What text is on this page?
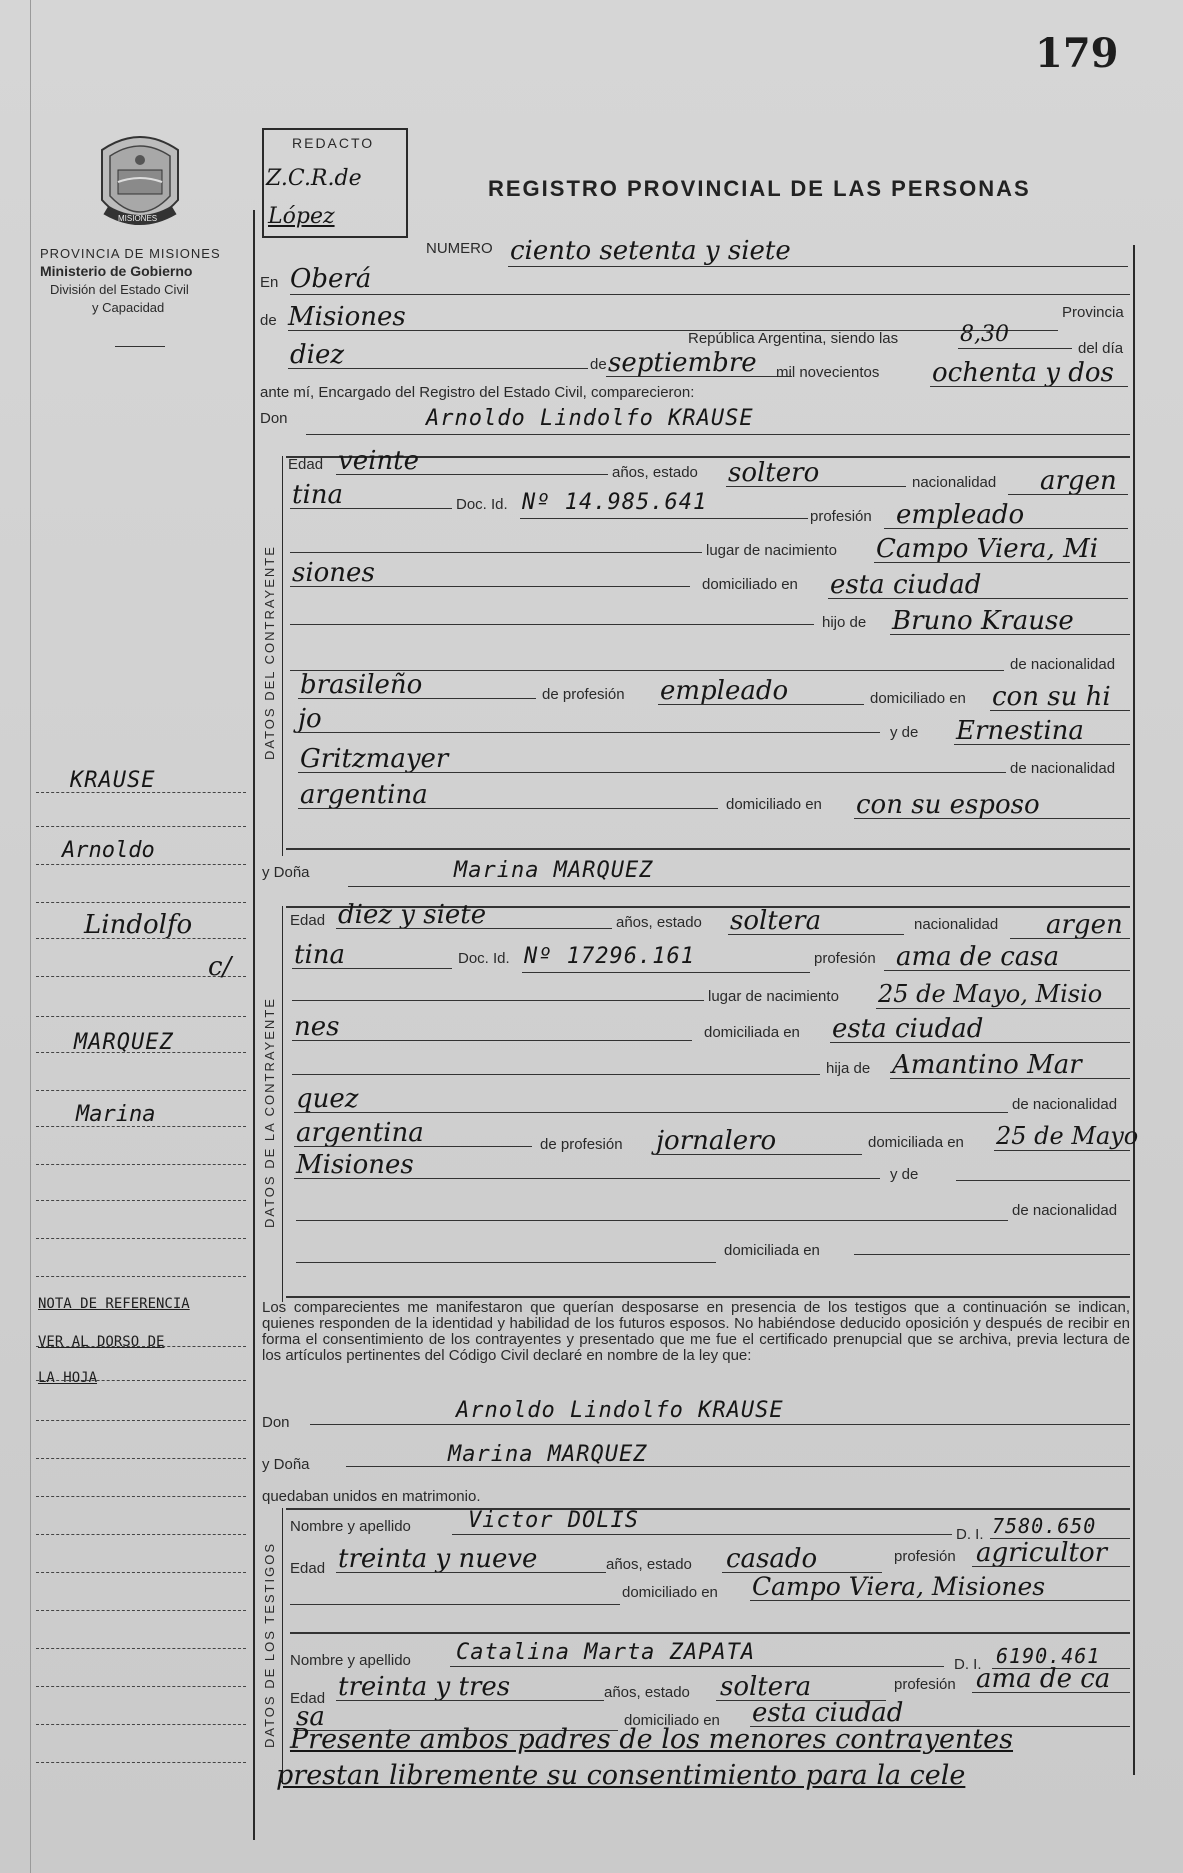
179
MISIONES
PROVINCIA DE MISIONES
Ministerio de Gobierno
División del Estado Civil
y Capacidad
REDACTO
Z.C.R.de
López
REGISTRO PROVINCIAL DE LAS PERSONAS
NUMERO ciento setenta y siete
En Oberá
de Misiones	Provincia
República Argentina, siendo las	8,30
del día
diez	de septiembre mil novecientos ochenta y dos
ante mí, Encargado del Registro del Estado Civil, comparecieron:
Don	Arnoldo Lindolfo KRAUSE
DATOS DEL CONTRAYENTE
Edad veinte	años, estado soltero	nacionalidad argen
tina	Doc. Id. Nº 14.985.641
profesión empleado
lugar de nacimiento Campo Viera, Mi
siones	domiciliado en esta ciudad
hijo de Bruno Krause
de nacionalidad
brasileño	de profesión empleado	domiciliado en con su hi
jo	y de Ernestina
Gritzmayer	de nacionalidad
argentina	domiciliado en con su esposo
y Doña	Marina MARQUEZ
DATOS DE LA CONTRAYENTE
Edad diez y siete	años, estado soltera	nacionalidad argen
tina	Doc. Id. Nº 17296.161	profesión ama de casa
lugar de nacimiento 25 de Mayo, Misio
nes	domiciliada en esta ciudad
hija de Amantino Mar
quez	de nacionalidad
argentina	de profesión jornalero	domiciliada en 25 de Mayo
Misiones	y de
de nacionalidad
domiciliada en
Los comparecientes me manifestaron que querían desposarse en presencia de los testigos que a continuación se indican, quienes responden de la identidad y habilidad de los futuros esposos. No habiéndose deducido oposición y después de recibir en forma el consentimiento de los contrayentes y presentado que me fue el certificado prenupcial que se archiva, previa lectura de los artículos pertinentes del Código Civil declaré en nombre de la ley que:
Don	Arnoldo Lindolfo KRAUSE
y Doña	Marina MARQUEZ
quedaban unidos en matrimonio.
DATOS DE LOS TESTIGOS
Nombre y apellido	Victor DOLIS
D. I. 7580.650
Edad treinta y nueve	años, estado casado	profesión agricultor
domiciliado en Campo Viera, Misiones
Nombre y apellido Catalina Marta ZAPATA	D. I. 6190.461
Edad treinta y tres	años, estado soltera	profesión ama de ca
sa	domiciliado en esta ciudad
Presente ambos padres de los menores contrayentes
prestan libremente su consentimiento para la cele
KRAUSE
Arnoldo
Lindolfo
c/
MARQUEZ
Marina
NOTA DE REFERENCIA
VER AL DORSO DE
LA HOJA
